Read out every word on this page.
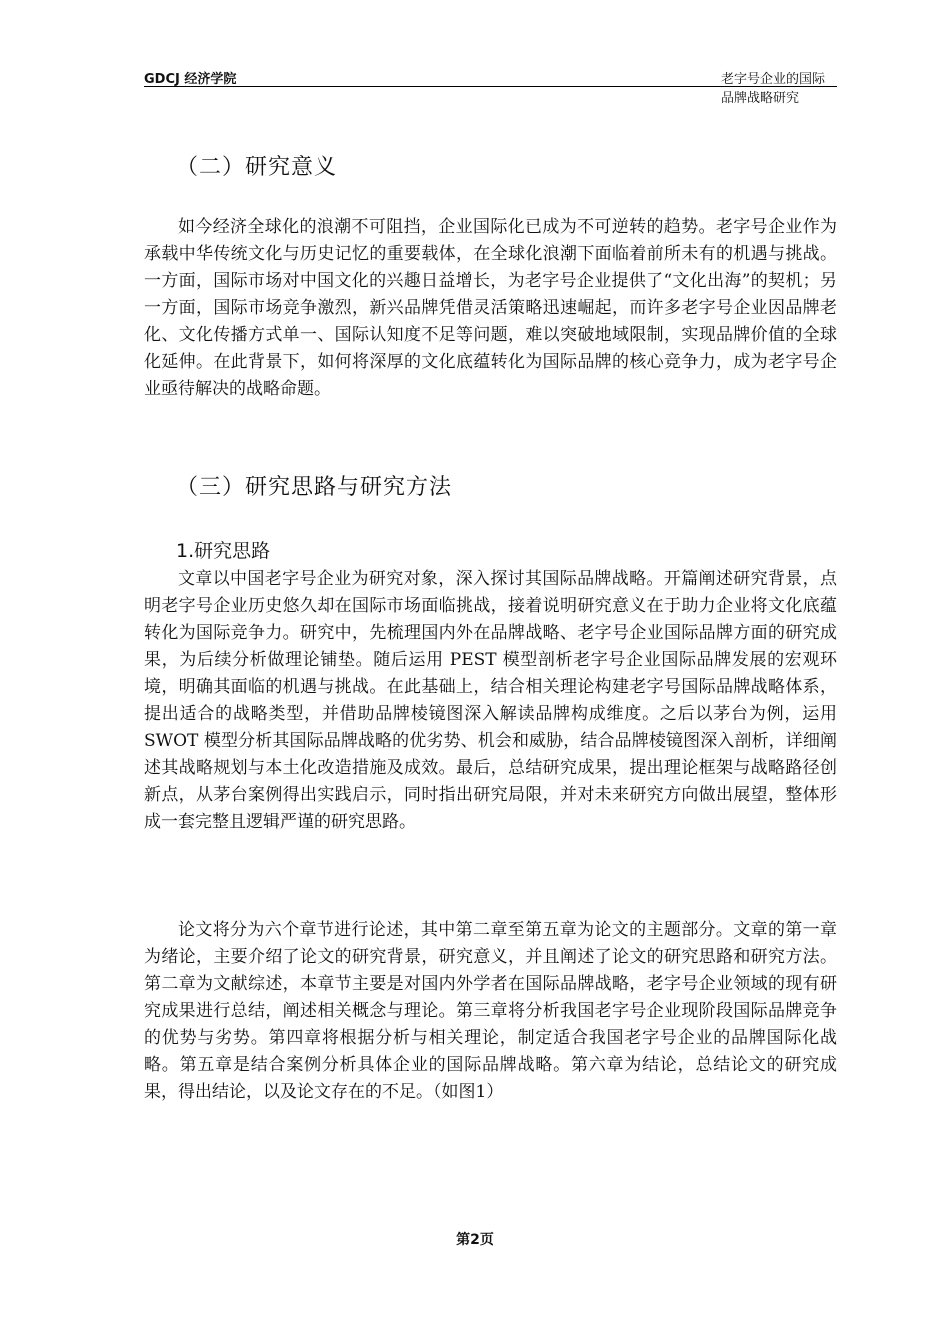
GDCJ 经济学院	老字号企业的国际品牌战略研究
（二）研究意义

如今经济全球化的浪潮不可阻挡，企业国际化已成为不可逆转的趋势。老字号企业作为承载中华传统文化与历史记忆的重要载体，在全球化浪潮下面临着前所未有的机遇与挑战。一方面，国际市场对中国文化的兴趣日益增长，为老字号企业提供了“文化出海”的契机；另一方面，国际市场竞争激烈，新兴品牌凭借灵活策略迅速崛起，而许多老字号企业因品牌老化、文化传播方式单一、国际认知度不足等问题，难以突破地域限制，实现品牌价值的全球化延伸。在此背景下，如何将深厚的文化底蕴转化为国际品牌的核心竞争力，成为老字号企业亟待解决的战略命题。

（三）研究思路与研究方法
1.研究思路

文章以中国老字号企业为研究对象，深入探讨其国际品牌战略。开篇阐述研究背景，点明老字号企业历史悠久却在国际市场面临挑战，接着说明研究意义在于助力企业将文化底蕴转化为国际竞争力。研究中，先梳理国内外在品牌战略、老字号企业国际品牌方面的研究成果，为后续分析做理论铺垫。随后运用 PEST 模型剖析老字号企业国际品牌发展的宏观环境，明确其面临的机遇与挑战。在此基础上，结合相关理论构建老字号国际品牌战略体系，提出适合的战略类型，并借助品牌棱镜图深入解读品牌构成维度。之后以茅台为例，运用 SWOT 模型分析其国际品牌战略的优劣势、机会和威胁，结合品牌棱镜图深入剖析，详细阐述其战略规划与本土化改造措施及成效。最后，总结研究成果，提出理论框架与战略路径创新点，从茅台案例得出实践启示，同时指出研究局限，并对未来研究方向做出展望，整体形成一套完整且逻辑严谨的研究思路。

论文将分为六个章节进行论述，其中第二章至第五章为论文的主题部分。文章的第一章为绪论，主要介绍了论文的研究背景，研究意义，并且阐述了论文的研究思路和研究方法。第二章为文献综述，本章节主要是对国内外学者在国际品牌战略，老字号企业领域的现有研究成果进行总结，阐述相关概念与理论。第三章将分析我国老字号企业现阶段国际品牌竞争的优势与劣势。第四章将根据分析与相关理论，制定适合我国老字号企业的品牌国际化战略。第五章是结合案例分析具体企业的国际品牌战略。第六章为结论，总结论文的研究成果，得出结论，以及论文存在的不足。（如图1）

第2页
